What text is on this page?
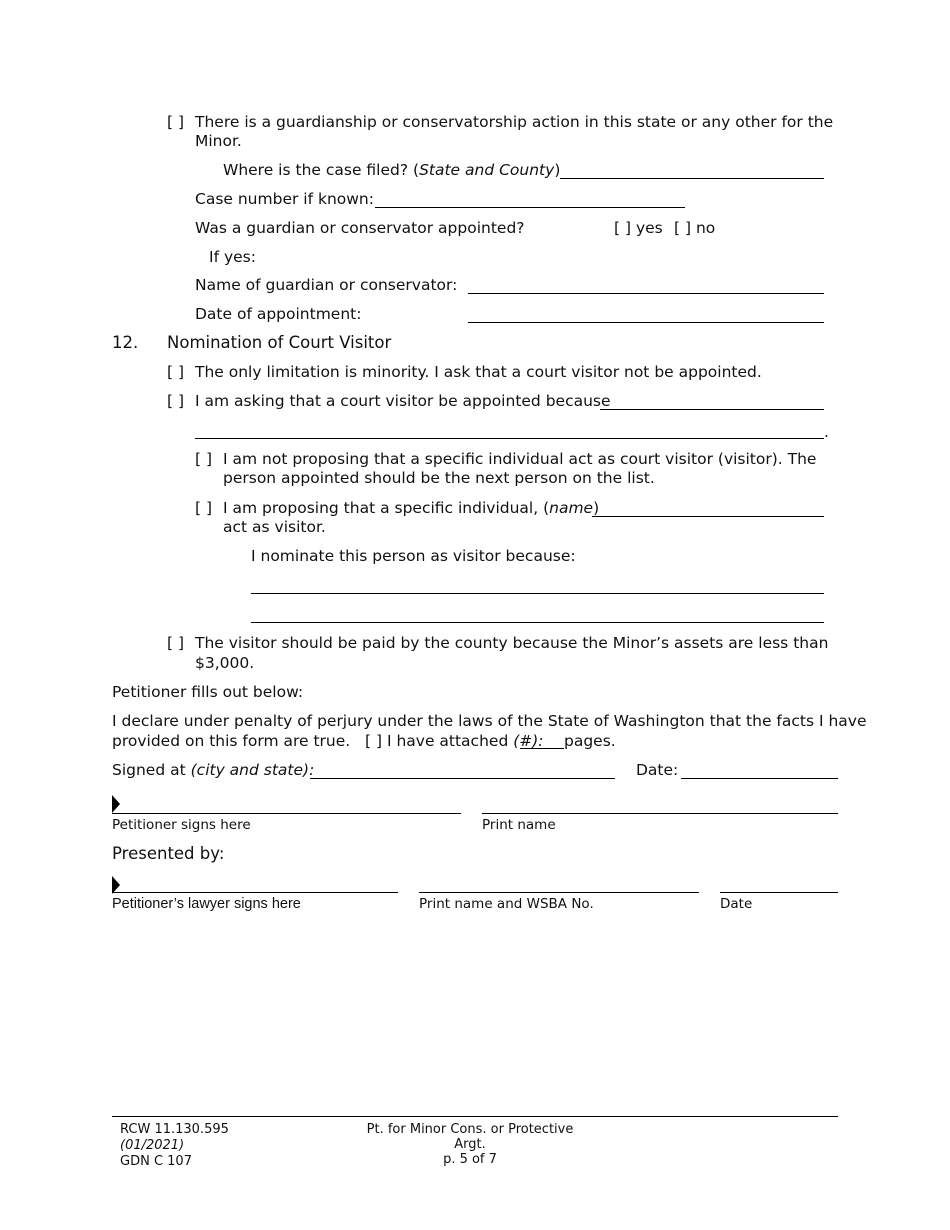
[ ] There is a guardianship or conservatorship action in this state or any other for the
Minor.
Where is the case filed? (State and County)
Case number if known:
Was a guardian or conservator appointed?	[ ] yes [ ] no
If yes:
Name of guardian or conservator:
Date of appointment:
12. Nomination of Court Visitor
[ ] The only limitation is minority. I ask that a court visitor not be appointed.
[ ] I am asking that a court visitor be appointed because
.
[ ] I am not proposing that a specific individual act as court visitor (visitor). The
person appointed should be the next person on the list.
[ ] I am proposing that a specific individual, (name)
act as visitor.
I nominate this person as visitor because:
[ ] The visitor should be paid by the county because the Minor’s assets are less than
$3,000.
Petitioner fills out below:
I declare under penalty of perjury under the laws of the State of Washington that the facts I have
provided on this form are true. [ ] I have attached (#): pages.
Signed at (city and state):	Date:
Petitioner signs here	Print name
Presented by:
Petitioner’s lawyer signs here	Print name and WSBA No.	Date
RCW 11.130.595
(01/2021)
GDN C 107
Pt. for Minor Cons. or Protective
Argt.
p. 5 of 7
